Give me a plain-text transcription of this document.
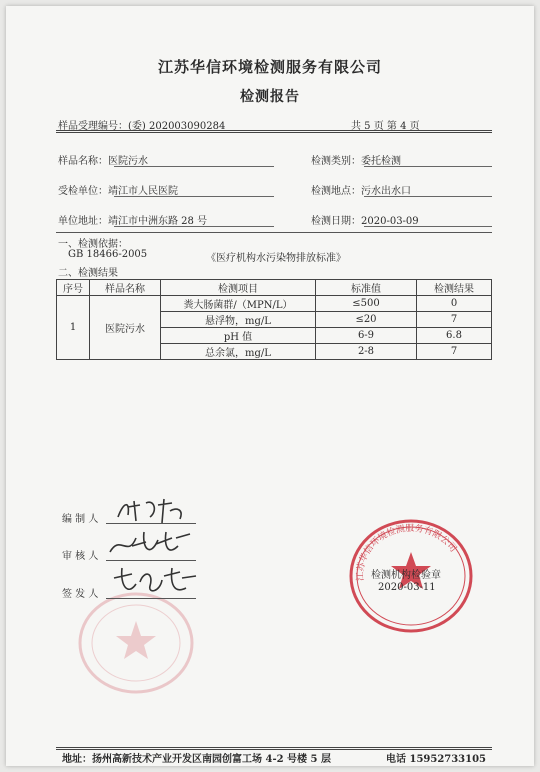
江苏华信环境检测服务有限公司
检测报告
样品受理编号：(委) 202003090284	共 5 页 第 4 页
样品名称：医院污水	检测类别：委托检测
受检单位：靖江市人民医院	检测地点：污水出水口
单位地址：靖江市中洲东路 28 号	检测日期：2020-03-09
一、检测依据：
GB 18466-2005	《医疗机构水污染物排放标准》
二、检测结果
序号	样品名称	检测项目	标准值	检测结果
1	医院污水	粪大肠菌群/（MPN/L）	≤500	0
		悬浮物，mg/L	≤20	7
		pH 值	6-9	6.8
		总余氯，mg/L	2-8	7
编 制 人
审 核 人
签 发 人
江苏华信环境检测服务有限公司
检测机构检验章
2020-03-11
地址：扬州高新技术产业开发区南园创富工场 4-2 号楼 5 层	电话 15952733105
